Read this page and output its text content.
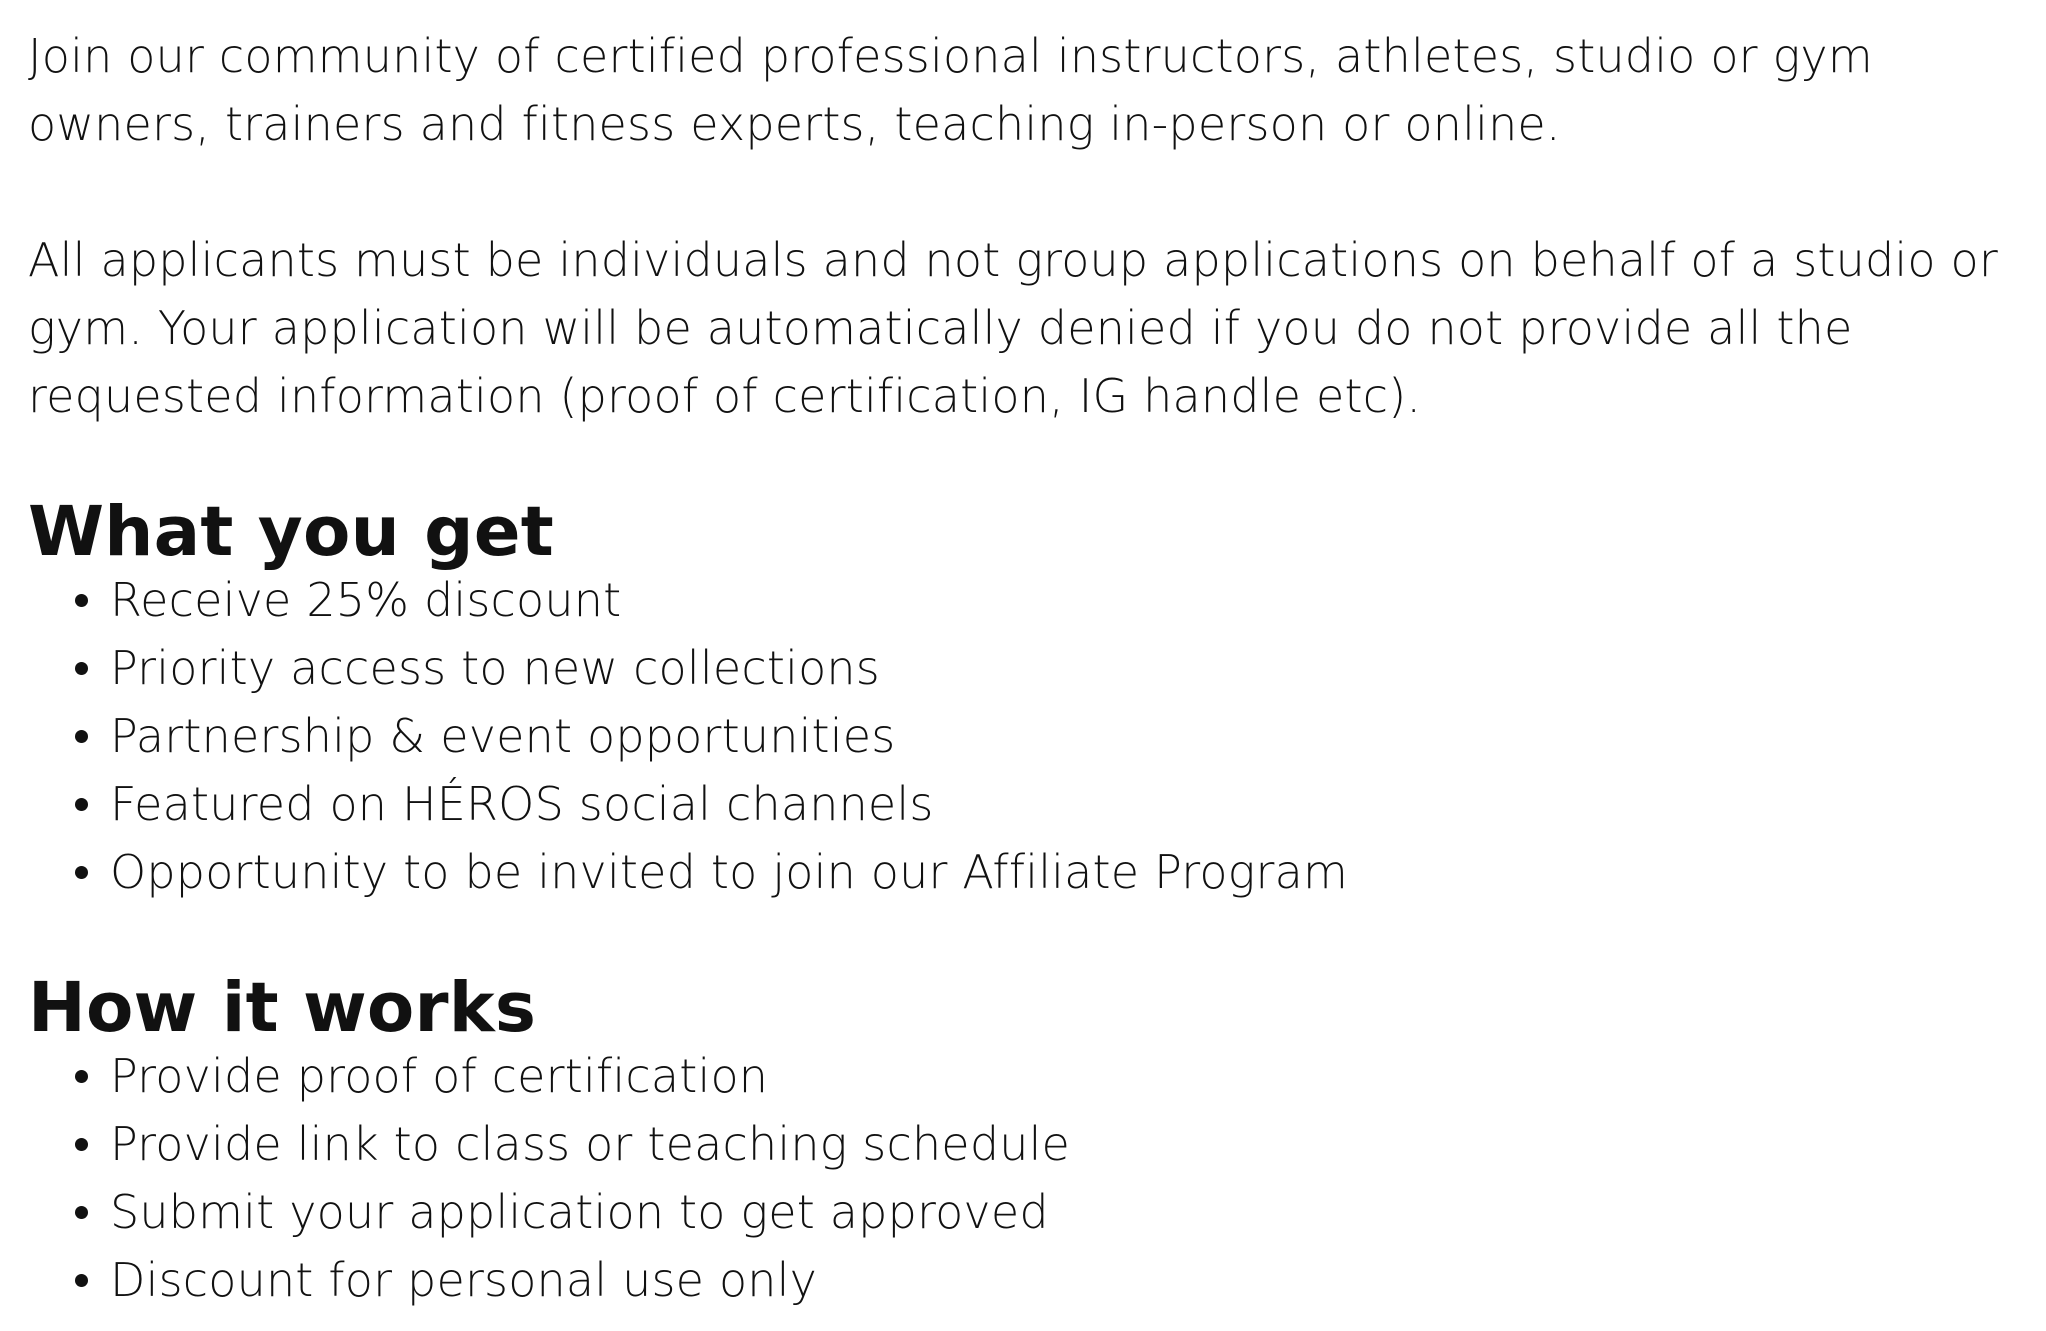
Join our community of certified professional instructors, athletes, studio or gym owners, trainers and fitness experts, teaching in-person or online.

All applicants must be individuals and not group applications on behalf of a studio or gym. Your application will be automatically denied if you do not provide all the requested information (proof of certification, IG handle etc).

What you get
Receive 25% discount
Priority access to new collections
Partnership & event opportunities
Featured on HÉROS social channels
Opportunity to be invited to join our Affiliate Program
How it works
Provide proof of certification
Provide link to class or teaching schedule
Submit your application to get approved
Discount for personal use only
